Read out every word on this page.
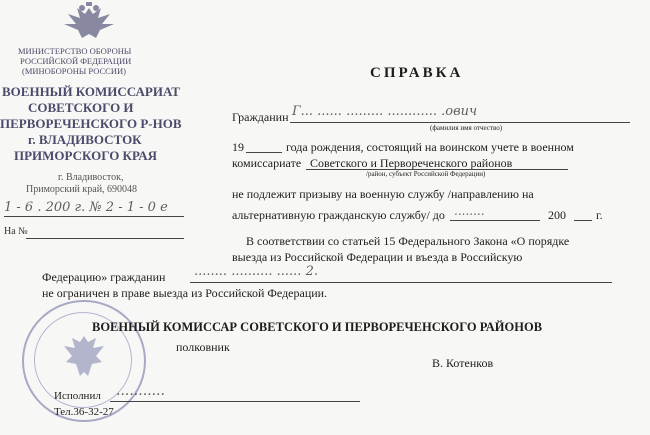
МИНИСТЕРСТВО ОБОРОНЫ
РОССИЙСКОЙ ФЕДЕРАЦИИ
(МИНОБОРОНЫ РОССИИ)
ВОЕННЫЙ КОМИССАРИАТ
СОВЕТСКОГО И
ПЕРВОРЕЧЕНСКОГО Р-НОВ
г. ВЛАДИВОСТОК
ПРИМОРСКОГО КРАЯ
г. Владивосток,
Приморский край, 690048
1 - 6 . 200 г. № 2 - 1 - 0 е
На №
СПРАВКА
Гражданин Г... ...... ......... ............ .ович
(фамилия имя отчество)
19	года рождения, состоящий на воинском учете в военном
комиссариате Советского и Первореченского районов
/район, субъект Российской Федерации)
не подлежит призыву на военную службу /направлению на
альтернативную гражданскую службу/ до ........	200	г.
В соответствии со статьей 15 Федерального Закона «О порядке
выезда из Российской Федерации и въезда в Российскую
Федерацию» гражданин ........ .......... ...... 2.
не ограничен в праве выезда из Российской Федерации.
ВОЕННЫЙ КОМИССАР СОВЕТСКОГО И ПЕРВОРЕЧЕНСКОГО РАЙОНОВ
полковник
В. Котенков
Исполнил ...........
Тел.36-32-27
